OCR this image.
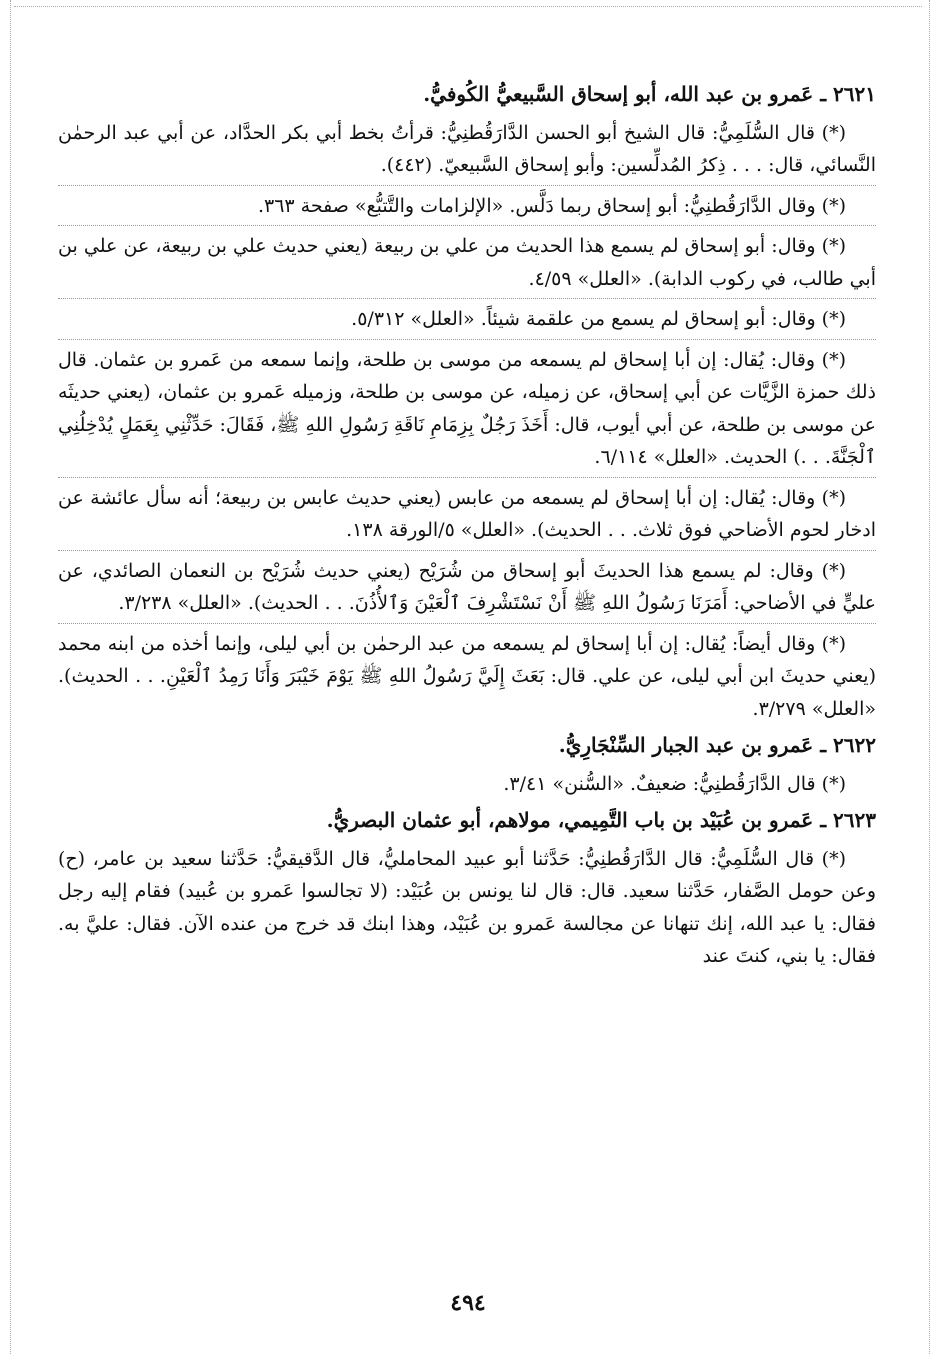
٢٦٢١ ـ عَمرو بن عبد الله، أبو إسحاق السَّبيعيُّ الكُوفيُّ.

(*) قال السُّلَمِيُّ: قال الشيخ أبو الحسن الدَّارَقُطنِيُّ: قرأتُ بخط أبي بكر الحدَّاد، عن أبي عبد الرحمٰن النَّسائي، قال: . . . ذِكرُ المُدلِّسين: وأبو إسحاق السَّبيعيّ. (٤٤٢).

(*) وقال الدَّارَقُطنِيُّ: أبو إسحاق ربما دَلَّس. «الإلزامات والتَّتبُّع» صفحة ٣٦٣.

(*) وقال: أبو إسحاق لم يسمع هذا الحديث من علي بن ربيعة (يعني حديث علي بن ربيعة، عن علي بن أبي طالب، في ركوب الدابة). «العلل» ٤/٥٩.

(*) وقال: أبو إسحاق لم يسمع من علقمة شيئاً. «العلل» ٥/٣١٢.

(*) وقال: يُقال: إن أبا إسحاق لم يسمعه من موسى بن طلحة، وإنما سمعه من عَمرو بن عثمان. قال ذلك حمزة الزَّيَّات عن أبي إسحاق، عن زميله، عن موسى بن طلحة، وزميله عَمرو بن عثمان، (يعني حديثَه عن موسى بن طلحة، عن أبي أيوب، قال: أَخَذَ رَجُلٌ بِزِمَامِ نَاقَةِ رَسُولِ اللهِ ﷺ، فَقَالَ: حَدِّثْنِي بِعَمَلٍ يُدْخِلُنِي ٱلْجَنَّةَ. . .) الحديث. «العلل» ٦/١١٤.

(*) وقال: يُقال: إن أبا إسحاق لم يسمعه من عابس (يعني حديث عابس بن ربيعة؛ أنه سأل عائشة عن ادخار لحوم الأضاحي فوق ثلاث. . . الحديث). «العلل» ٥/الورقة ١٣٨.

(*) وقال: لم يسمع هذا الحديثَ أبو إسحاق من شُرَيْح (يعني حديث شُرَيْح بن النعمان الصائدي، عن عليٍّ في الأضاحي: أَمَرَنَا رَسُولُ اللهِ ﷺ أَنْ نَسْتَشْرِفَ ٱلْعَيْنَ وَٱلأُذُنَ. . . الحديث). «العلل» ٣/٢٣٨.

(*) وقال أيضاً: يُقال: إن أبا إسحاق لم يسمعه من عبد الرحمٰن بن أبي ليلى، وإنما أخذه من ابنه محمد (يعني حديثَ ابن أبي ليلى، عن علي. قال: بَعَثَ إِلَيَّ رَسُولُ اللهِ ﷺ يَوْمَ خَيْبَرَ وَأَنَا رَمِدُ ٱلْعَيْنِ. . . الحديث). «العلل» ٣/٢٧٩.

٢٦٢٢ ـ عَمرو بن عبد الجبار السِّنْجَارِيُّ.

(*) قال الدَّارَقُطنِيُّ: ضعيفٌ. «السُّنن» ٣/٤١.

٢٦٢٣ ـ عَمرو بن عُبَيْد بن باب التَّمِيمي، مولاهم، أبو عثمان البصريُّ.

(*) قال السُّلَمِيُّ: قال الدَّارَقُطنِيُّ: حَدَّثنا أبو عبيد المحامليُّ، قال الدَّقيقيُّ: حَدَّثنا سعيد بن عامر، (ح) وعن حومل الصَّفار، حَدَّثنا سعيد. قال: قال لنا يونس بن عُبَيْد: (لا تجالسوا عَمرو بن عُبيد) فقام إليه رجل فقال: يا عبد الله، إنك تنهانا عن مجالسة عَمرو بن عُبَيْد، وهذا ابنك قد خرج من عنده الآن. فقال: عليَّ به. فقال: يا بني، كنتَ عند

٤٩٤
